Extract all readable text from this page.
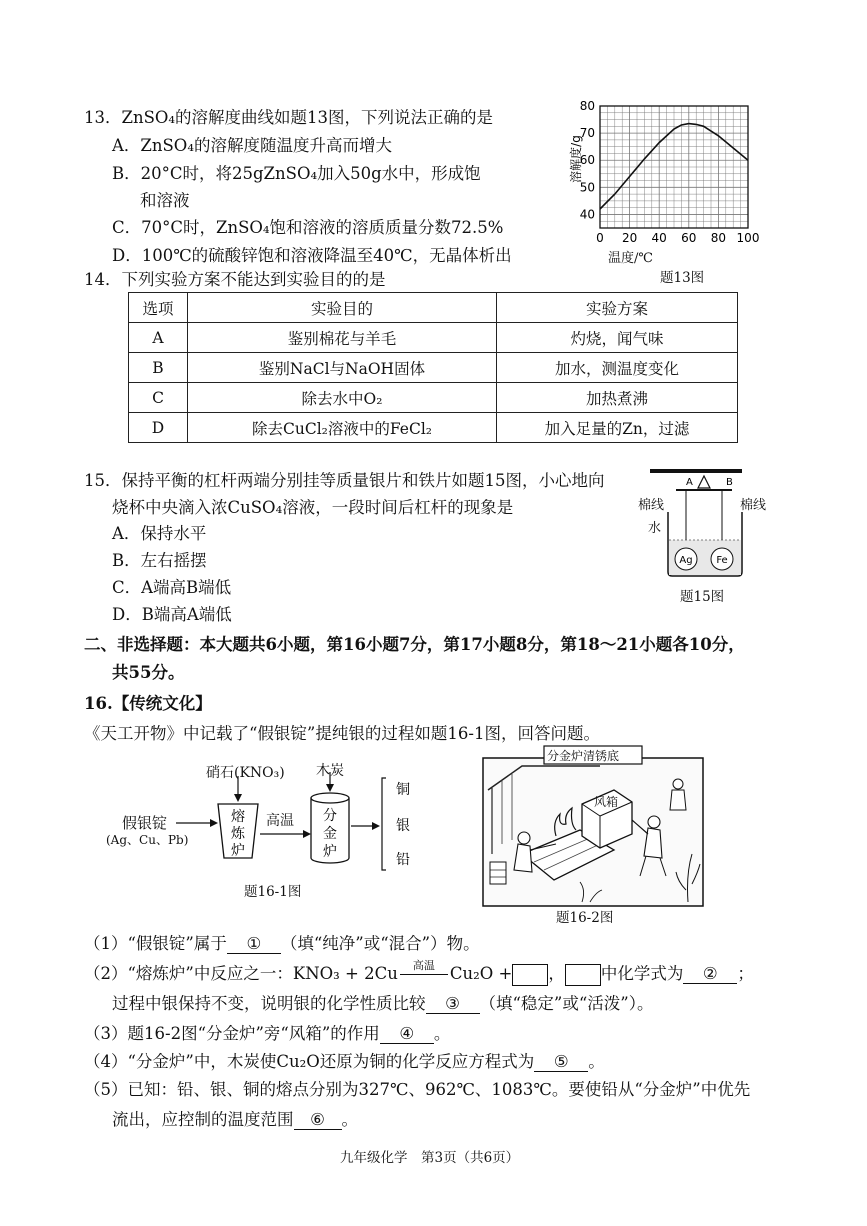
13．ZnSO₄的溶解度曲线如题13图，下列说法正确的是
A．ZnSO₄的溶解度随温度升高而增大
B．20°C时，将25gZnSO₄加入50g水中，形成饱
和溶液
C．70°C时，ZnSO₄饱和溶液的溶质质量分数72.5%
D．100℃的硫酸锌饱和溶液降温至40℃，无晶体析出
0 20 40 60 80 100
40
50
60
70
80
溶解度/g
温度/℃
题13图
14．下列实验方案不能达到实验目的的是
选项	实验目的	实验方案
A	鉴别棉花与羊毛	灼烧，闻气味
B	鉴别NaCl与NaOH固体	加水，测温度变化
C	除去水中O₂	加热煮沸
D	除去CuCl₂溶液中的FeCl₂	加入足量的Zn，过滤
15．保持平衡的杠杆两端分别挂等质量银片和铁片如题15图，小心地向
烧杯中央滴入浓CuSO₄溶液，一段时间后杠杆的现象是
A．保持水平
B．左右摇摆
C．A端高B端低
D．B端高A端低
A	B
Ag Fe
棉线	棉线
水
题15图
二、非选择题：本大题共6小题，第16小题7分，第17小题8分，第18～21小题各10分，
共55分。
16.【传统文化】
《天工开物》中记载了“假银锭”提纯银的过程如题16-1图，回答问题。
熔
炼
炉
分
金
炉
铜
银
铅
硝石(KNO₃) 木炭
高温
假银锭
(Ag、Cu、Pb)
题16-1图
分金炉清锈底
风箱
题16-2图
（1）“假银锭”属于 ① （填“纯净”或“混合”）物。
（2）“熔炼炉”中反应之一：KNO₃ + 2Cu	高温 Cu₂O + ， 中化学式为 ② ；
过程中银保持不变，说明银的化学性质比较 ③ （填“稳定”或“活泼”）。
（3）题16-2图“分金炉”旁“风箱”的作用 ④ 。
（4）“分金炉”中，木炭使Cu₂O还原为铜的化学反应方程式为 ⑤ 。
（5）已知：铅、银、铜的熔点分别为327℃、962℃、1083℃。要使铅从“分金炉”中优先
流出，应控制的温度范围 ⑥ 。
九年级化学　第3页（共6页）
